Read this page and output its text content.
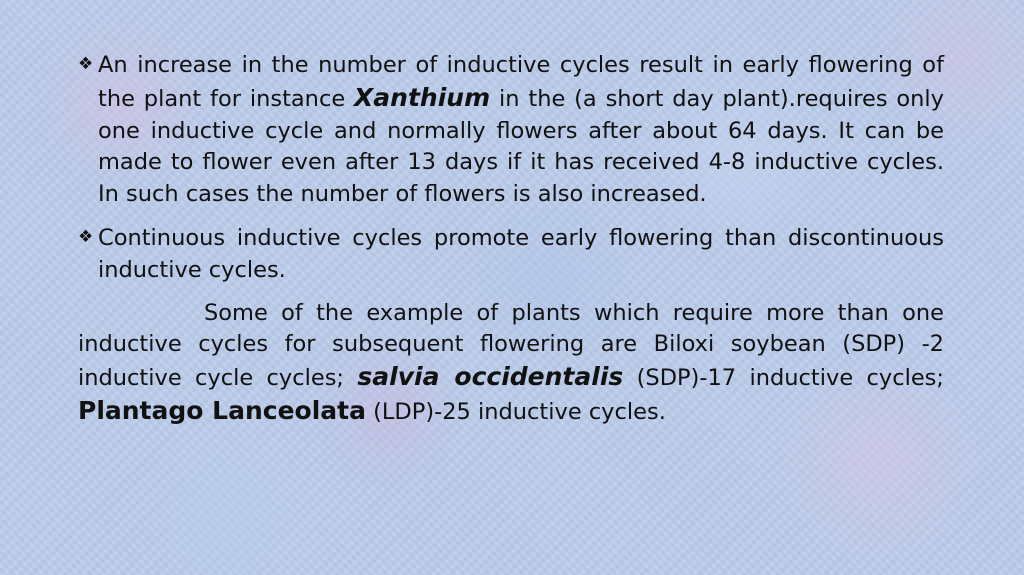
❖ An increase in the number of inductive cycles result in early flowering of the plant for instance Xanthium in the (a short day plant).requires only one inductive cycle and normally flowers after about 64 days. It can be made to flower even after 13 days if it has received 4-8 inductive cycles. In such cases the number of flowers is also increased.

❖ Continuous inductive cycles promote early flowering than discontinuous inductive cycles.

Some of the example of plants which require more than one inductive cycles for subsequent flowering are Biloxi soybean (SDP) -2 inductive cycle cycles; salvia occidentalis (SDP)-17 inductive cycles; Plantago Lanceolata (LDP)-25 inductive cycles.
